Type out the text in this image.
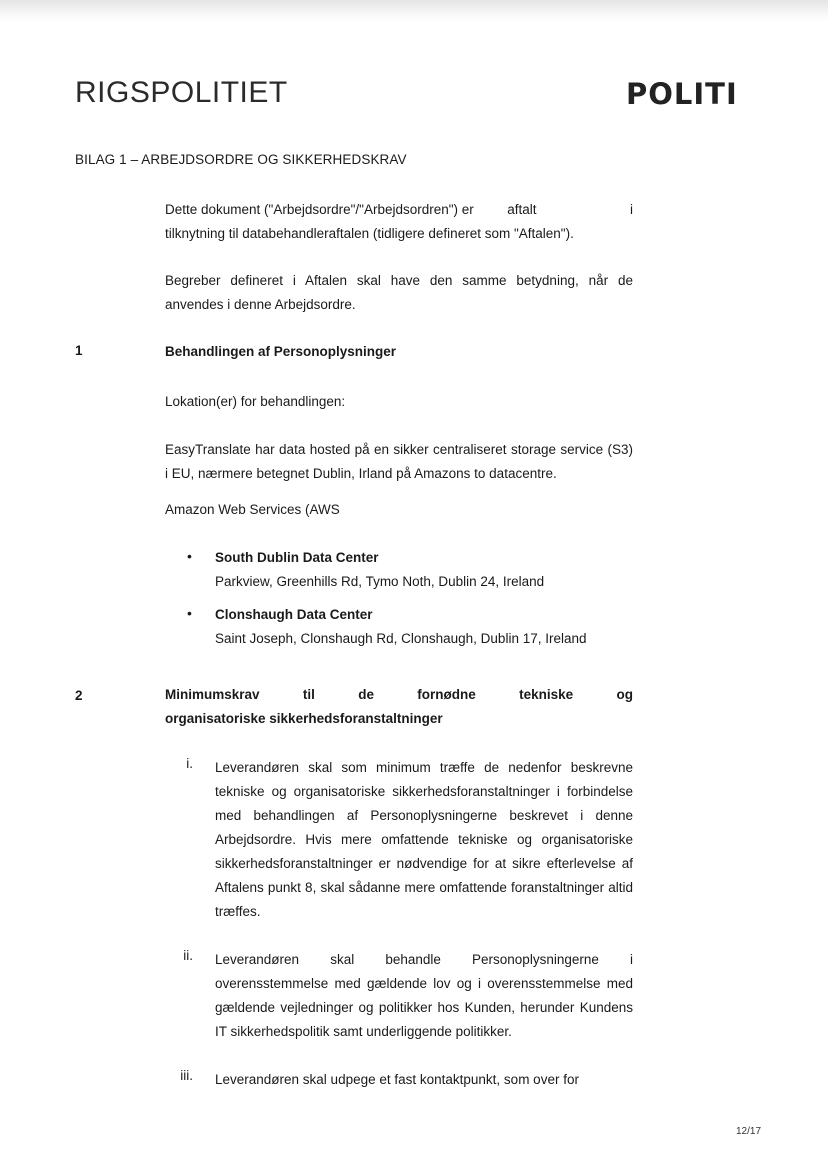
RIGSPOLITIET	POLITI
BILAG 1 – ARBEJDSORDRE OG SIKKERHEDSKRAV
Dette dokument ("Arbejdsordre"/"Arbejdsordren") er aftalt	i
tilknytning til databehandleraftalen (tidligere defineret som "Aftalen").
Begreber defineret i Aftalen skal have den samme betydning, når de anvendes i denne Arbejdsordre.
1	Behandlingen af Personoplysninger
Lokation(er) for behandlingen:
EasyTranslate har data hosted på en sikker centraliseret storage service (S3) i EU, nærmere betegnet Dublin, Irland på Amazons to datacentre.
Amazon Web Services (AWS
• South Dublin Data Center
Parkview, Greenhills Rd, Tymo Noth, Dublin 24, Ireland
• Clonshaugh Data Center
Saint Joseph, Clonshaugh Rd, Clonshaugh, Dublin 17, Ireland
2	Minimumskrav	til	de	fornødne	tekniske	og
organisatoriske sikkerhedsforanstaltninger
i. Leverandøren skal som minimum træffe de nedenfor beskrevne tekniske og organisatoriske sikkerhedsforanstaltninger i forbindelse med behandlingen af Personoplysningerne beskrevet i denne Arbejdsordre. Hvis mere omfattende tekniske og organisatoriske sikkerhedsforanstaltninger er nødvendige for at sikre efterlevelse af Aftalens punkt 8, skal sådanne mere omfattende foranstaltninger altid træffes.
ii. Leverandøren skal behandle Personoplysningerne i overensstemmelse med gældende lov og i overensstemmelse med gældende vejledninger og politikker hos Kunden, herunder Kundens IT sikkerhedspolitik samt underliggende politikker.
iii. Leverandøren skal udpege et fast kontaktpunkt, som over for
12/17
